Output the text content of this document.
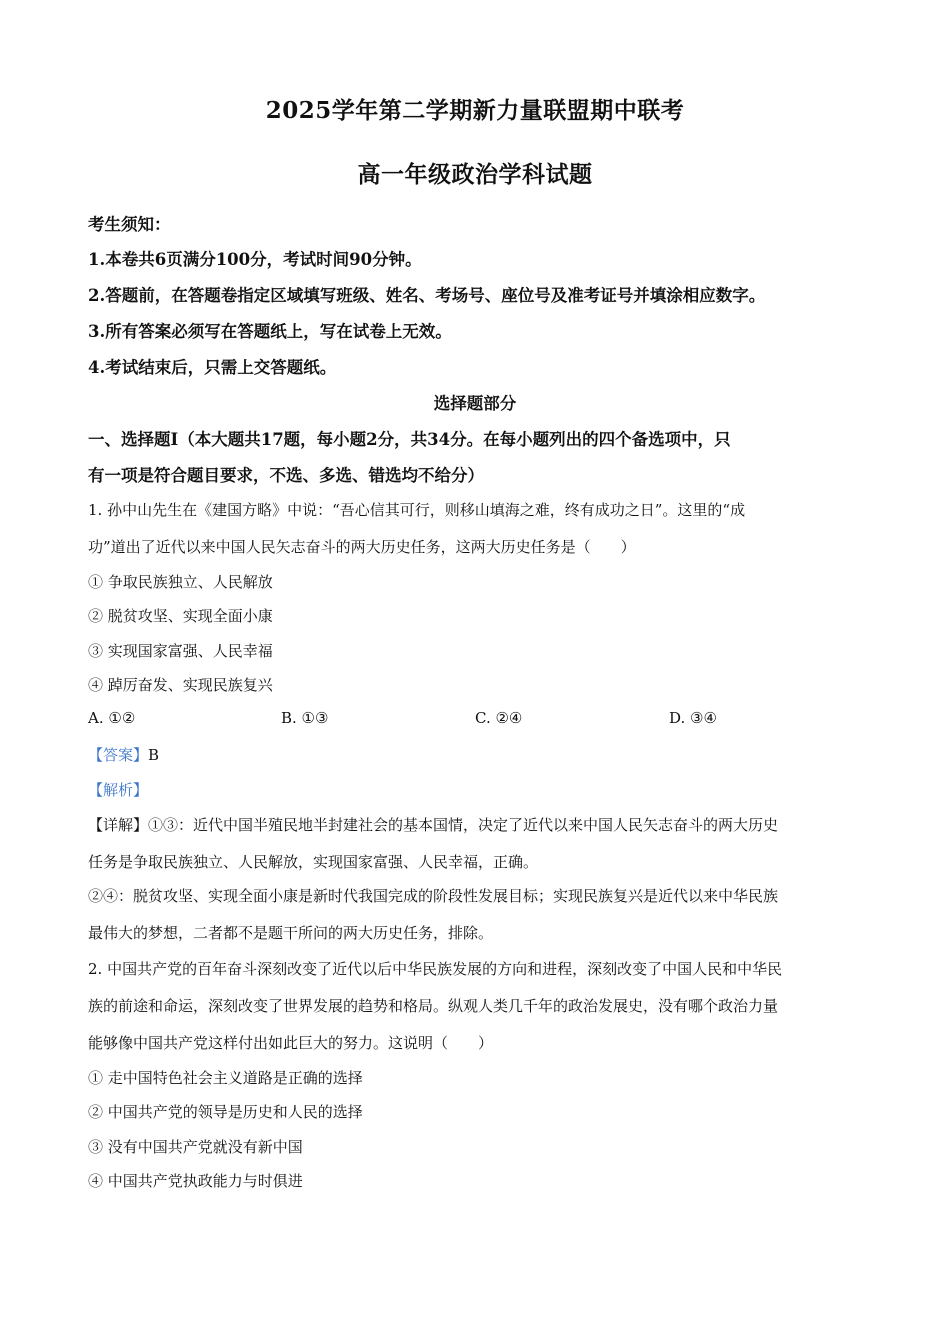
2025学年第二学期新力量联盟期中联考
高一年级政治学科试题
考生须知：
1.本卷共6页满分100分，考试时间90分钟。
2.答题前，在答题卷指定区域填写班级、姓名、考场号、座位号及准考证号并填涂相应数字。
3.所有答案必须写在答题纸上，写在试卷上无效。
4.考试结束后，只需上交答题纸。
选择题部分
一、选择题Ⅰ（本大题共17题，每小题2分，共34分。在每小题列出的四个备选项中，只
有一项是符合题目要求，不选、多选、错选均不给分）
1. 孙中山先生在《建国方略》中说：“吾心信其可行，则移山填海之难，终有成功之日”。这里的“成
功”道出了近代以来中国人民矢志奋斗的两大历史任务，这两大历史任务是（　　）
① 争取民族独立、人民解放
② 脱贫攻坚、实现全面小康
③ 实现国家富强、人民幸福
④ 踔厉奋发、实现民族复兴
A. ①②	B. ①③	C. ②④	D. ③④
【答案】B
【解析】
【详解】①③：近代中国半殖民地半封建社会的基本国情，决定了近代以来中国人民矢志奋斗的两大历史
任务是争取民族独立、人民解放，实现国家富强、人民幸福，正确。
②④：脱贫攻坚、实现全面小康是新时代我国完成的阶段性发展目标；实现民族复兴是近代以来中华民族
最伟大的梦想，二者都不是题干所问的两大历史任务，排除。
2. 中国共产党的百年奋斗深刻改变了近代以后中华民族发展的方向和进程，深刻改变了中国人民和中华民
族的前途和命运，深刻改变了世界发展的趋势和格局。纵观人类几千年的政治发展史，没有哪个政治力量
能够像中国共产党这样付出如此巨大的努力。这说明（　　）
① 走中国特色社会主义道路是正确的选择
② 中国共产党的领导是历史和人民的选择
③ 没有中国共产党就没有新中国
④ 中国共产党执政能力与时俱进
